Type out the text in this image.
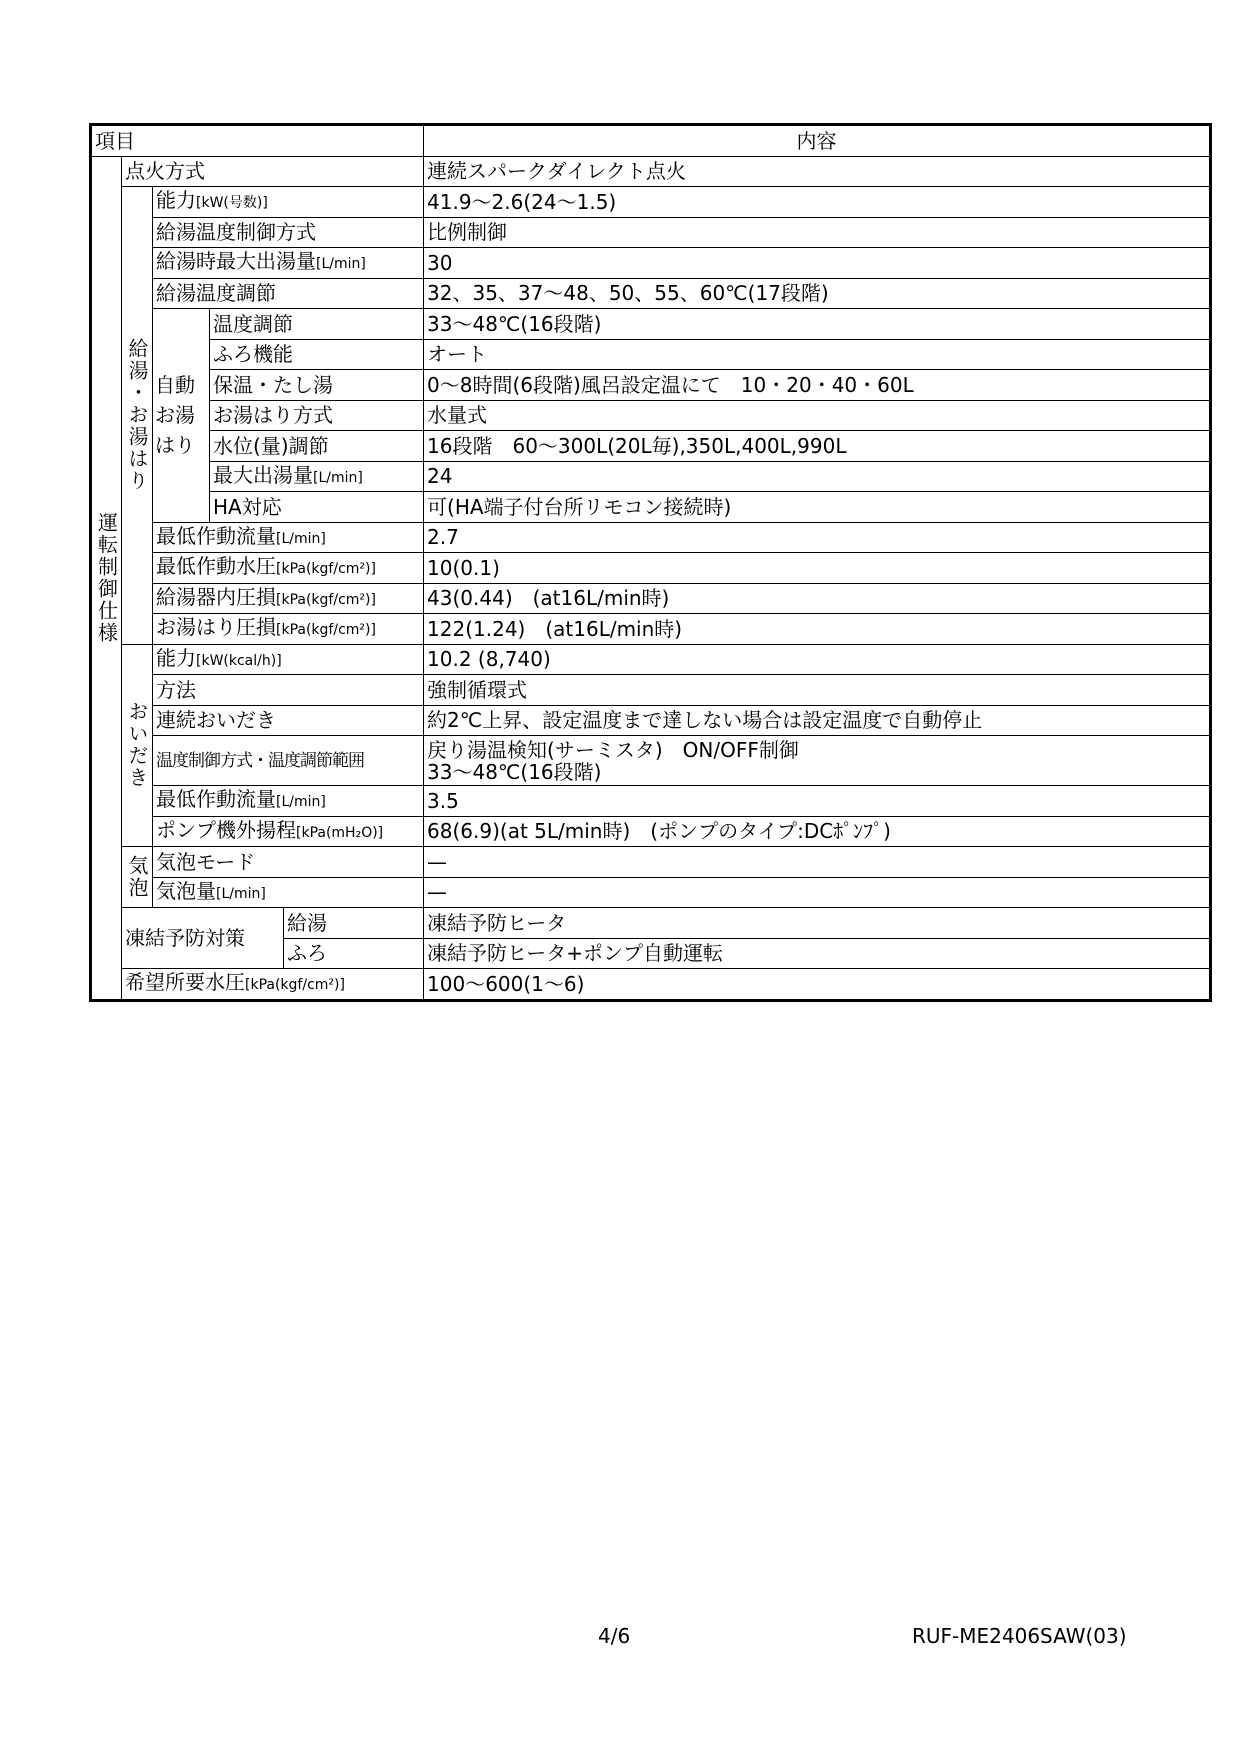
項目					内容
運転制御仕様	点火方式				連続スパークダイレクト点火
	給湯・お湯はり	能力[kW(号数)]			41.9〜2.6(24〜1.5)
		給湯温度制御方式			比例制御
		給湯時最大出湯量[L/min]			30
		給湯温度調節			32、35、37〜48、50、55、60℃(17段階)
		自動お湯はり	温度調節		33〜48℃(16段階)
			ふろ機能		オート
			保温・たし湯		0〜8時間(6段階)風呂設定温にて　10・20・40・60L
			お湯はり方式		水量式
			水位(量)調節		16段階　60〜300L(20L毎),350L,400L,990L
			最大出湯量[L/min]		24
			HA対応		可(HA端子付台所リモコン接続時)
		最低作動流量[L/min]			2.7
		最低作動水圧[kPa(kgf/cm²)]			10(0.1)
		給湯器内圧損[kPa(kgf/cm²)]			43(0.44)　(at16L/min時)
		お湯はり圧損[kPa(kgf/cm²)]			122(1.24)　(at16L/min時)
	おいだき	能力[kW(kcal/h)]			10.2 (8,740)
		方法			強制循環式
		連続おいだき			約2℃上昇、設定温度まで達しない場合は設定温度で自動停止
		温度制御方式・温度調節範囲			戻り湯温検知(サーミスタ)　ON/OFF制御
33〜48℃(16段階)

		最低作動流量[L/min]			3.5
		ポンプ機外揚程[kPa(mH₂O)]			68(6.9)(at 5L/min時)　(ポンプのタイプ:DCﾎﾟﾝﾌﾟ)
	気泡	気泡モード			—
		気泡量[L/min]			—
	凍結予防対策			給湯	凍結予防ヒータ
				ふろ	凍結予防ヒータ+ポンプ自動運転
	希望所要水圧[kPa(kgf/cm²)]				100〜600(1〜6)
4/6	RUF-ME2406SAW(03)
